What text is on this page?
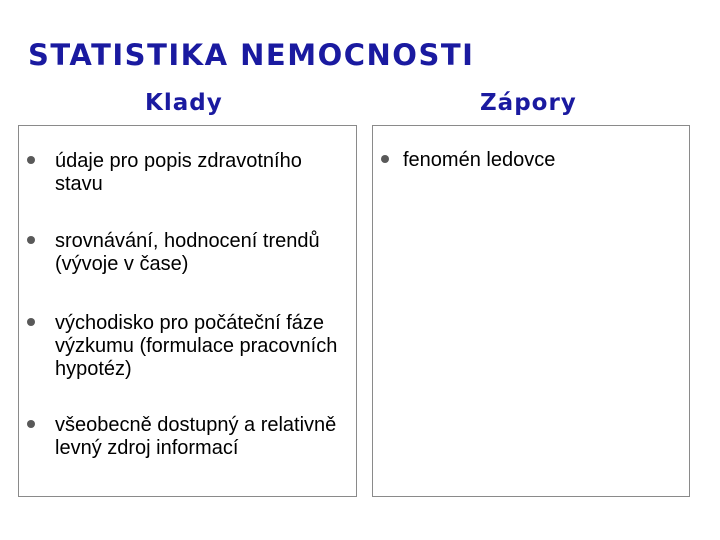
STATISTIKA NEMOCNOSTI
Klady	Zápory
údaje pro popis zdravotního stavu
srovnávání, hodnocení trendů (vývoje v čase)
východisko pro počáteční fáze výzkumu (formulace pracovních hypotéz)
všeobecně dostupný a relativně levný zdroj informací
fenomén ledovce
